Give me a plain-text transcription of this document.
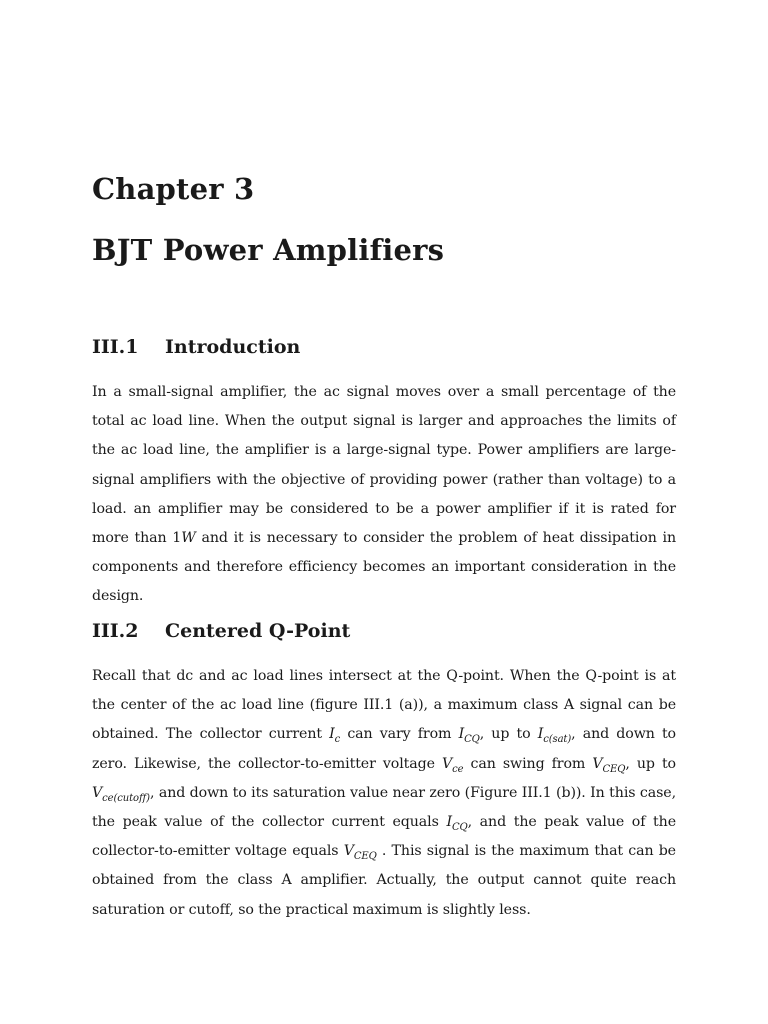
Chapter 3
BJT Power Amplifiers
III.1 Introduction

In a small-signal amplifier, the ac signal moves over a small percentage of the total ac load line. When the output signal is larger and approaches the limits of the ac load line, the amplifier is a large-signal type. Power amplifiers are large-signal amplifiers with the objective of providing power (rather than voltage) to a load. an amplifier may be considered to be a power amplifier if it is rated for more than 1W and it is necessary to consider the problem of heat dissipation in components and therefore efficiency becomes an important consideration in the design.

III.2 Centered Q-Point

Recall that dc and ac load lines intersect at the Q-point. When the Q-point is at the center of the ac load line (figure III.1 (a)), a maximum class A signal can be obtained. The collector current $I_c$ can vary from $I_{CQ}$, up to $I_{c(sat)}$, and down to zero. Likewise, the collector-to-emitter voltage $V_{ce}$ can swing from $V_{CEQ}$, up to $V_{ce(cutoff)}$, and down to its saturation value near zero (Figure III.1 (b)). In this case, the peak value of the collector current equals $I_{CQ}$, and the peak value of the collector-to-emitter voltage equals $V_{CEQ}$ . This signal is the maximum that can be obtained from the class A amplifier. Actually, the output cannot quite reach saturation or cutoff, so the practical maximum is slightly less.
